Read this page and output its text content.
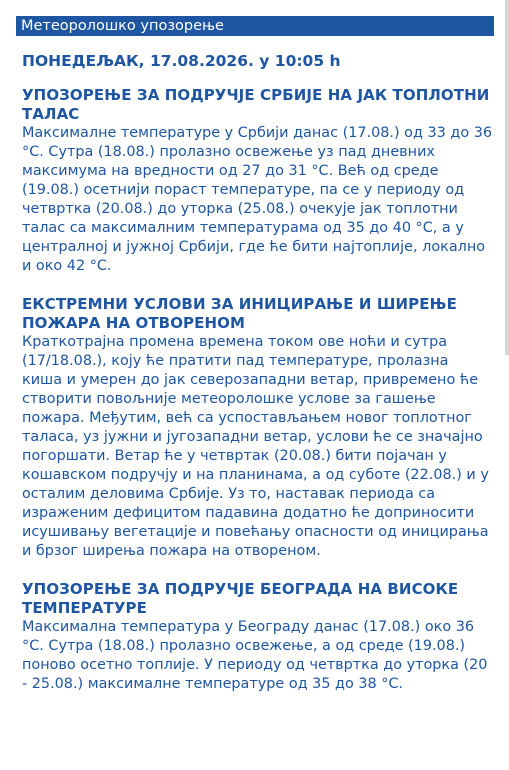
Метеоролошко упозорење
ПОНЕДЕЉАК, 17.08.2026. у 10:05 h
УПОЗОРЕЊЕ ЗА ПОДРУЧЈЕ СРБИЈЕ НА ЈАК ТОПЛОТНИ ТАЛАС

Максималне температуре у Србији данас (17.08.) од 33 до 36 °C. Сутра (18.08.) пролазно освежење уз пад дневних максимума на вредности од 27 до 31 °C. Већ од среде (19.08.) осетнији пораст температуре, па се у периоду од четвртка (20.08.) до уторка (25.08.) очекује јак топлотни талас са максималним температурама од 35 до 40 °C, а у централној и јужној Србији, где ће бити најтоплије, локално и око 42 °C.

ЕКСТРЕМНИ УСЛОВИ ЗА ИНИЦИРАЊЕ И ШИРЕЊЕ ПОЖАРА НА ОТВОРЕНОМ

Краткотрајна промена времена током ове ноћи и сутра (17/18.08.), коју ће пратити пад температуре, пролазна киша и умерен до јак северозападни ветар, привремено ће створити повољније метеоролошке услове за гашење пожара. Међутим, већ са успостављањем новог топлотног таласа, уз јужни и југозападни ветар, услови ће се значајно погоршати. Ветар ће у четвртак (20.08.) бити појачан у кошавском подручју и на планинама, а од суботе (22.08.) и у осталим деловима Србије. Уз то, наставак периода са израженим дефицитом падавина додатно ће доприносити исушивању вегетације и повећању опасности од иницирања и брзог ширења пожара на отвореном.

УПОЗОРЕЊЕ ЗА ПОДРУЧЈЕ БЕОГРАДА НА ВИСОКЕ ТЕМПЕРАТУРЕ

Максимална температура у Београду данас (17.08.) око 36 °C. Сутра (18.08.) пролазно освежење, а од среде (19.08.) поново осетно топлије. У периоду од четвртка до уторка (20 - 25.08.) максималне температуре од 35 до 38 °C.
